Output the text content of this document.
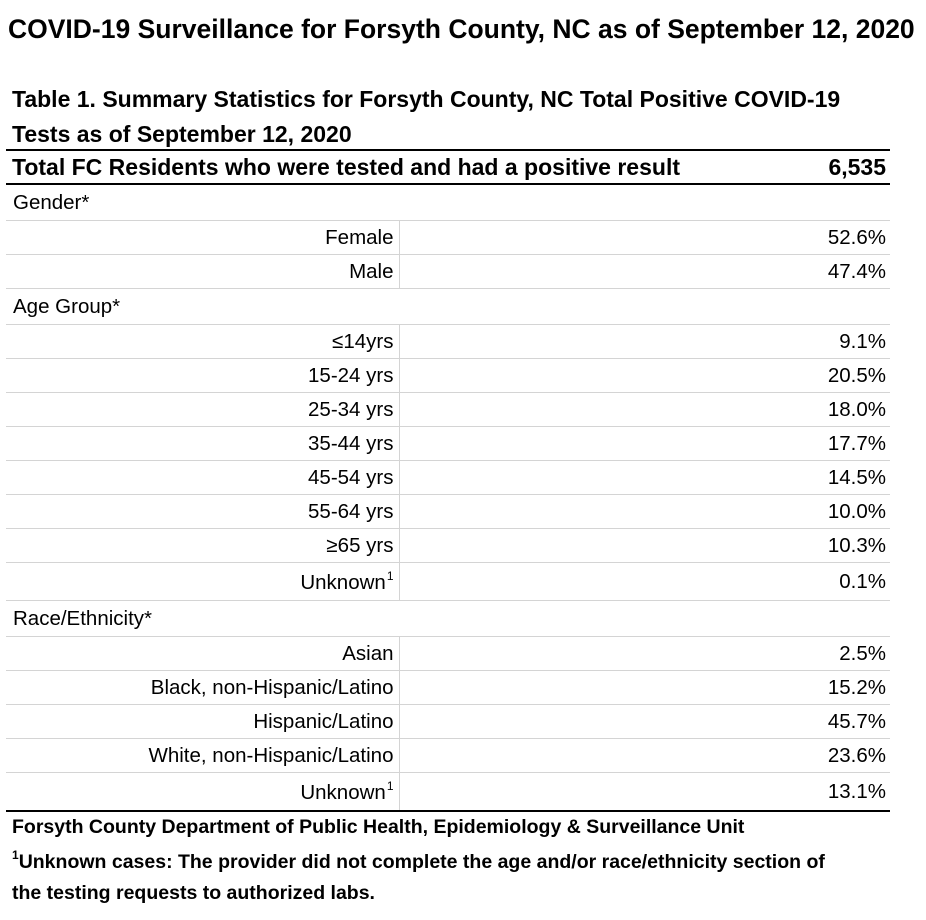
COVID-19 Surveillance for Forsyth County, NC as of September 12, 2020
Table 1. Summary Statistics for Forsyth County, NC Total Positive COVID-19 Tests as of September 12, 2020
Total FC Residents who were tested and had a positive result 6,535	

Gender*	
Female	52.6%
Male	47.4%
Age Group*	
≤14yrs	9.1%
15-24 yrs	20.5%
25-34 yrs	18.0%
35-44 yrs	17.7%
45-54 yrs	14.5%
55-64 yrs	10.0%
≥65 yrs	10.3%
Unknown$^1$	0.1%
Race/Ethnicity*	
Asian	2.5%
Black, non-Hispanic/Latino	15.2%
Hispanic/Latino	45.7%
White, non-Hispanic/Latino	23.6%
Unknown$^1$	13.1%
Forsyth County Department of Public Health, Epidemiology & Surveillance Unit
$^1$Unknown cases: The provider did not complete the age and/or race/ethnicity section of
the testing requests to authorized labs.
